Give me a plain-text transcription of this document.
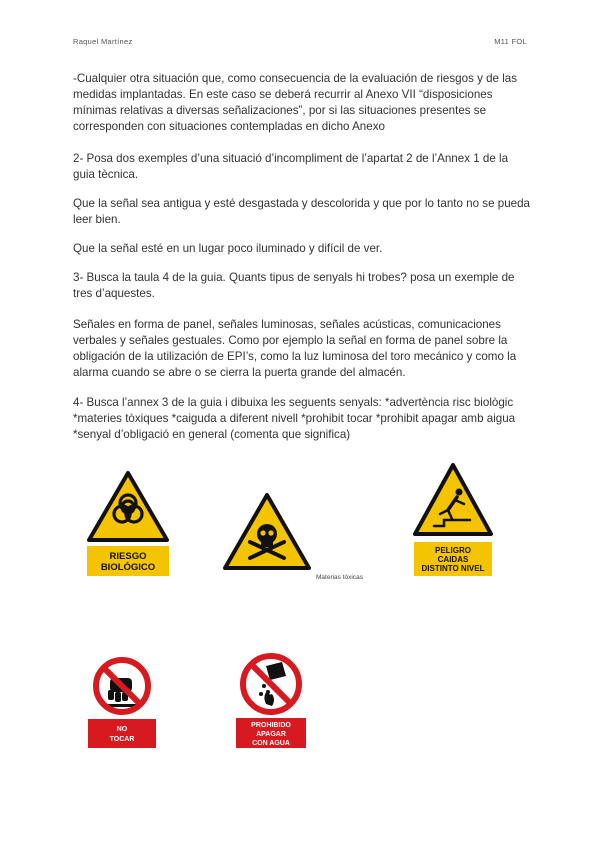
Raquel Martínez	M11 FOL
-Cualquier otra situación que, como consecuencia de la evaluación de riesgos y de las medidas implantadas. En este caso se deberá recurrir al Anexo VII “disposiciones mínimas relativas a diversas señalizaciones”, por si las situaciones presentes se corresponden con situaciones contempladas en dicho Anexo
2- Posa dos exemples d’una situació d’incompliment de l’apartat 2 de l’Annex 1 de la guia tècnica.
Que la señal sea antigua y esté desgastada y descolorida y que por lo tanto no se pueda leer bien.
Que la señal esté en un lugar poco iluminado y difícil de ver.
3- Busca la taula 4 de la guia. Quants tipus de senyals hi trobes? posa un exemple de tres d’aquestes.
Señales en forma de panel, señales luminosas, señales acústicas, comunicaciones verbales y señales gestuales. Como por ejemplo la señal en forma de panel sobre la obligación de la utilización de EPI’s, como la luz luminosa del toro mecánico y como la alarma cuando se abre o se cierra la puerta grande del almacén.
4- Busca l’annex 3 de la guia i dibuixa les seguents senyals: *advertència risc biològic *materies tòxiques *caiguda a diferent nivell *prohibit tocar *prohibit apagar amb aigua *senyal d’obligació en general (comenta que significa)
RIESGO
BIOLÓGICO
Materias tóxicas
PELIGRO
CAIDAS
DISTINTO NIVEL
NO
TOCAR
PROHIBIDO
APAGAR
CON AGUA
